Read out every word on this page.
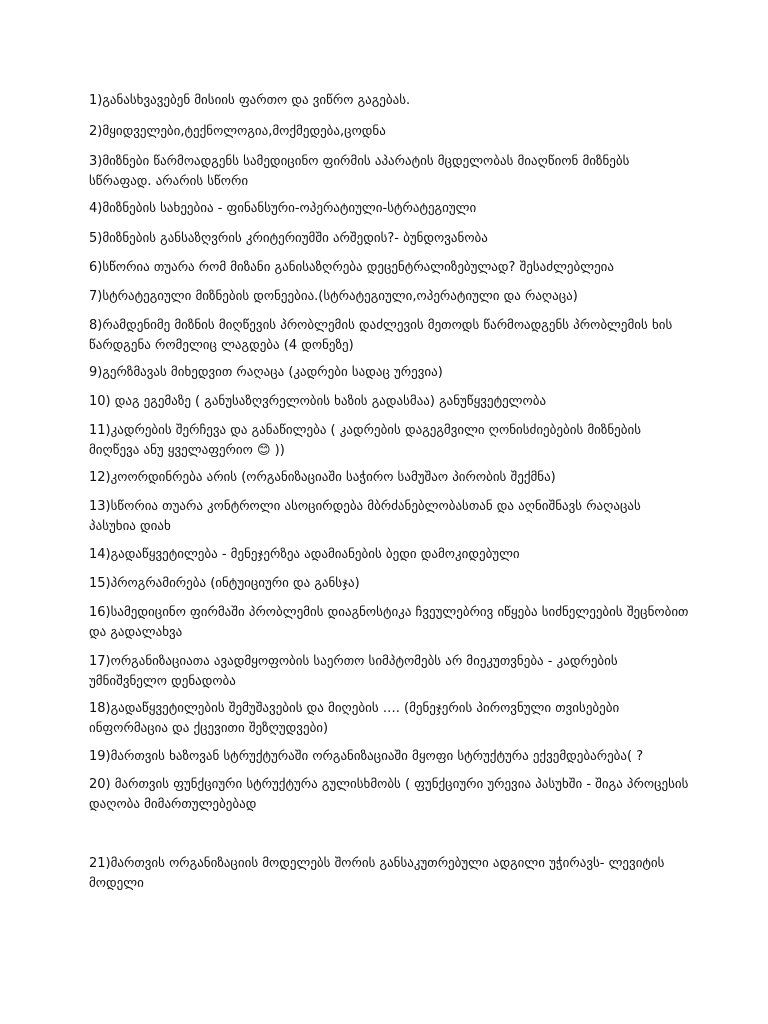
1)განასხვავებენ მისიის ფართო და ვიწრო გაგებას.
2)მყიდველები,ტექნოლოგია,მოქმედება,ცოდნა
3)მიზნები წარმოადგენს სამედიცინო ფირმის აპარატის მცდელობას მიაღწიონ მიზნებს სწრაფად. არარის სწორი
4)მიზნების სახეებია - ფინანსური-ოპერატიული-სტრატეგიული
5)მიზნების განსაზღვრის კრიტერიუმში არშედის?- ბუნდოვანობა
6)სწორია თუარა რომ მიზანი განისაზღრება დეცენტრალიზებულად? შესაძლებლეია
7)სტრატეგიული მიზნების დონეებია.(სტრატეგიული,ოპერატიული და რაღაცა)
8)რამდენიმე მიზნის მიღწევის პრობლემის დაძლევის მეთოდს წარმოადგენს პრობლემის ხის წარდგენა რომელიც ლაგდება (4 დონეზე)
9)გერზმავას მიხედვით რაღაცა (კადრები სადაც ურევია)
10) დაგ ეგემაზე ( განუსაზღვრელობის ხაზის გადასმაა) განუწყვეტელობა
11)კადრების შერჩევა და განაწილება ( კადრების დაგეგმვილი ღონისძიებების მიზნების მიღწევა ანუ ყველაფერიო 😊 ))
12)კოორდინრება არის (ორგანიზაციაში საჭირო სამუშაო პირობის შექმნა)
13)სწორია თუარა კონტროლი ასოცირდება მბრძანებლობასთან და აღნიშნავს რაღაცას პასუხია დიახ
14)გადაწყვეტილება - მენეჯერზეა ადამიანების ბედი დამოკიდებული
15)პროგრამირება (ინტუიციური და განსჯა)
16)სამედიცინო ფირმაში პრობლემის დიაგნოსტიკა ჩვეულებრივ იწყება სიძნელეების შეცნობით და გადალახვა
17)ორგანიზაციათა ავადმყოფობის საერთო სიმპტომებს არ მიეკუთვნება - კადრების უმნიშვნელო დენადობა
18)გადაწყვეტილების შემუშავების და მიღების …. (მენეჯერის პიროვნული თვისებები ინფორმაცია და ქცევითი შეზღუდვები)
19)მართვის ხაზოვან სტრუქტურაში ორგანიზაციაში მყოფი სტრუქტურა ექვემდებარება( ?
20) მართვის ფუნქციური სტრუქტურა გულისხმობს ( ფუნქციური ურევია პასუხში - შიგა პროცესის დაღობა მიმართულებებად
21)მართვის ორგანიზაციის მოდელებს შორის განსაკუთრებული ადგილი უჭირავს- ლევიტის მოდელი
